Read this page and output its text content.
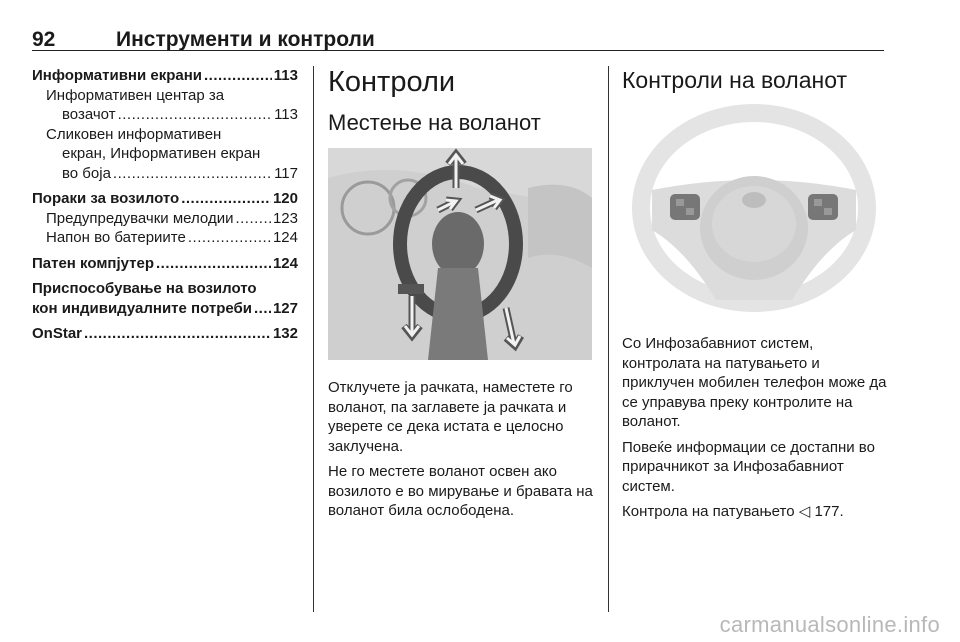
92	Инструменти и контроли
Информативни екрани .....	113
Информативен центар за
возачот .....	113
Сликовен информативен
екран, Информативен екран
во боја .....	117
Пораки за возилото .....	120
Предупредувачки мелодии .....	123
Напон во батериите .....	124
Патен компјутер .....	124
Приспособување на возилото
кон индивидуалните потреби ..... 127
OnStar .....	132
Контроли
Местење на воланот

Отклучете ја рачката, наместете го воланот, па заглавете ја рачката и уверете се дека истата е целосно заклучена.

Не го местете воланот освен ако возилото е во мирување и бравата на воланот била ослободена.

Контроли на воланот

Со Инфозабавниот систем, контролата на патувањето и приклучен мобилен телефон може да се управува преку контролите на воланот.

Повеќе информации се достапни во прирачникот за Инфозабавниот систем.

Контрола на патувањето ◁ 177.

carmanualsonline.info
